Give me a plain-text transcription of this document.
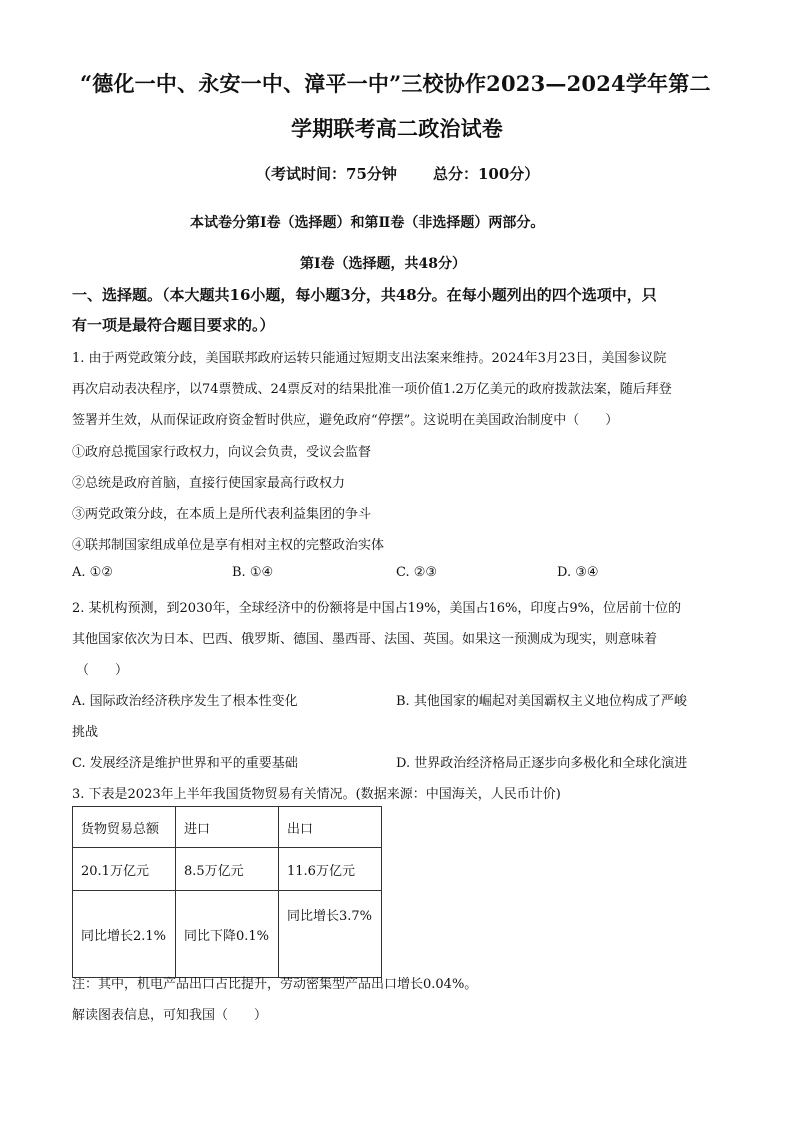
“德化一中、永安一中、漳平一中”三校协作2023—2024学年第二
学期联考高二政治试卷
（考试时间：75分钟 总分：100分）
本试卷分第Ⅰ卷（选择题）和第Ⅱ卷（非选择题）两部分。
第Ⅰ卷（选择题，共48分）
一、选择题。（本大题共16小题，每小题3分，共48分。在每小题列出的四个选项中，只
有一项是最符合题目要求的。）
1. 由于两党政策分歧，美国联邦政府运转只能通过短期支出法案来维持。2024年3月23日，美国参议院
再次启动表决程序，以74票赞成、24票反对的结果批准一项价值1.2万亿美元的政府拨款法案，随后拜登
签署并生效，从而保证政府资金暂时供应，避免政府“停摆”。这说明在美国政治制度中（　　）
①政府总揽国家行政权力，向议会负责，受议会监督
②总统是政府首脑，直接行使国家最高行政权力
③两党政策分歧，在本质上是所代表利益集团的争斗
④联邦制国家组成单位是享有相对主权的完整政治实体
A. ①②	B. ①④	C. ②③	D. ③④
2. 某机构预测，到2030年，全球经济中的份额将是中国占19%，美国占16%，印度占9%，位居前十位的
其他国家依次为日本、巴西、俄罗斯、德国、墨西哥、法国、英国。如果这一预测成为现实，则意味着
（　　）
A. 国际政治经济秩序发生了根本性变化	B. 其他国家的崛起对美国霸权主义地位构成了严峻
挑战
C. 发展经济是维护世界和平的重要基础	D. 世界政治经济格局正逐步向多极化和全球化演进
3. 下表是2023年上半年我国货物贸易有关情况。(数据来源：中国海关，人民币计价)
货物贸易总额	进口	出口
20.1万亿元	8.5万亿元	11.6万亿元
同比增长2.1%	同比下降0.1%	同比增长3.7%
注：其中，机电产品出口占比提升，劳动密集型产品出口增长0.04%。
解读图表信息，可知我国（　　）
